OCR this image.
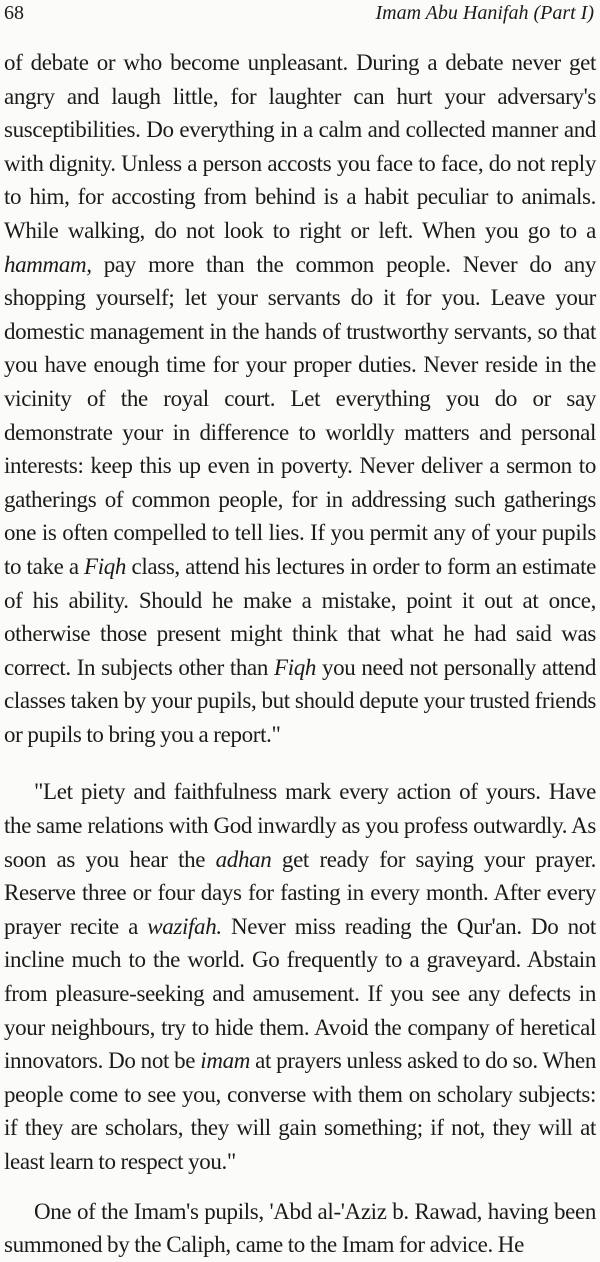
68	Imam Abu Hanifah (Part I)

of debate or who become unpleasant. During a debate never get angry and laugh little, for laughter can hurt your adversary's susceptibilities. Do everything in a calm and collected manner and with dignity. Unless a person accosts you face to face, do not reply to him, for accosting from behind is a habit peculiar to animals. While walking, do not look to right or left. When you go to a hammam, pay more than the common people. Never do any shopping yourself; let your servants do it for you. Leave your domestic management in the hands of trustworthy servants, so that you have enough time for your proper duties. Never reside in the vicinity of the royal court. Let everything you do or say demonstrate your in difference to worldly matters and personal interests: keep this up even in poverty. Never deliver a sermon to gatherings of common people, for in addressing such gatherings one is often compelled to tell lies. If you permit any of your pupils to take a Fiqh class, attend his lectures in order to form an estimate of his ability. Should he make a mistake, point it out at once, otherwise those present might think that what he had said was correct. In subjects other than Fiqh you need not personally attend classes taken by your pupils, but should depute your trusted friends or pupils to bring you a report."

"Let piety and faithfulness mark every action of yours. Have the same relations with God inwardly as you profess outwardly. As soon as you hear the adhan get ready for saying your prayer. Reserve three or four days for fasting in every month. After every prayer recite a wazifah. Never miss reading the Qur'an. Do not incline much to the world. Go frequently to a graveyard. Abstain from pleasure-seeking and amusement. If you see any defects in your neighbours, try to hide them. Avoid the company of heretical innovators. Do not be imam at prayers unless asked to do so. When people come to see you, converse with them on scholary subjects: if they are scholars, they will gain something; if not, they will at least learn to respect you."

One of the Imam's pupils, 'Abd al-'Aziz b. Rawad, having been summoned by the Caliph, came to the Imam for advice. He
